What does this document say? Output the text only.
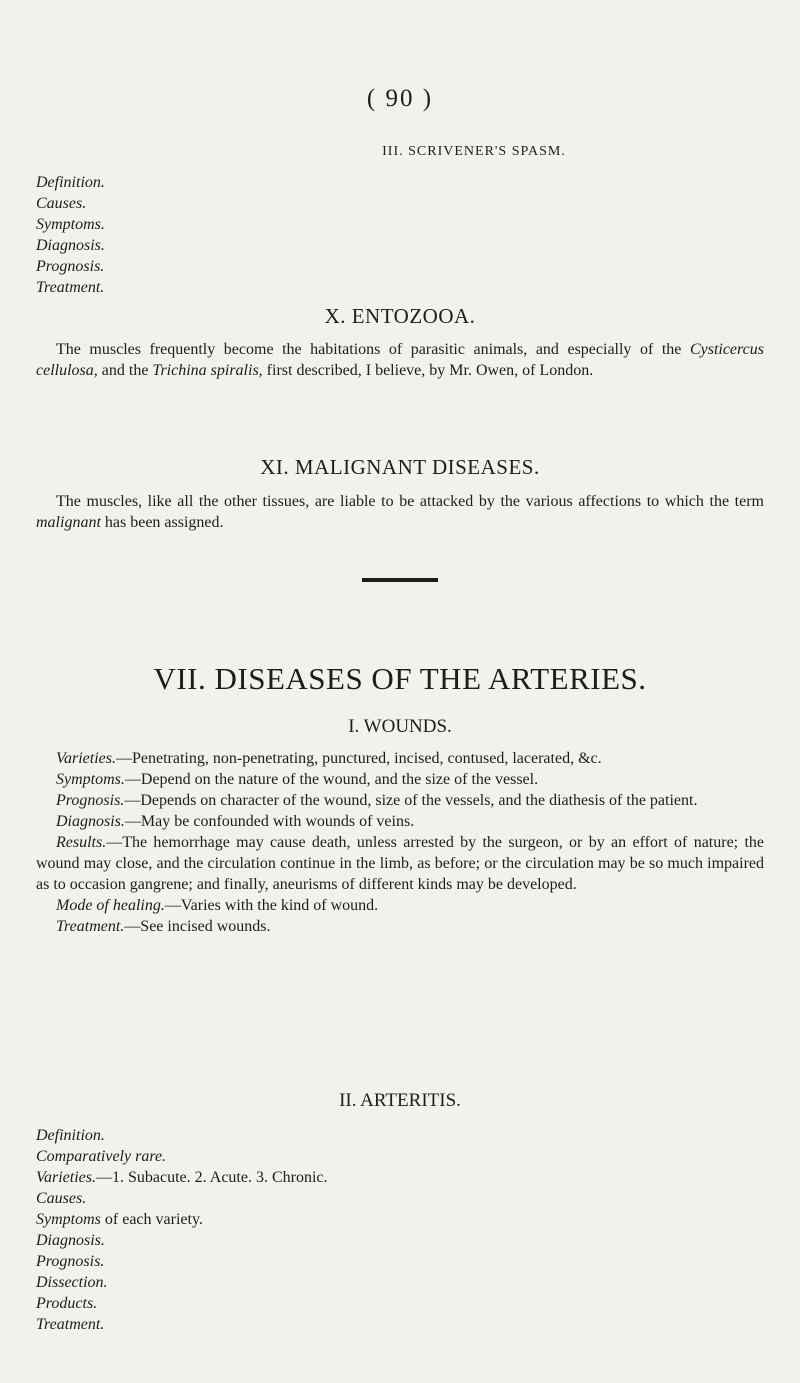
( 90 )
III. SCRIVENER'S SPASM.
Definition.
Causes.
Symptoms.
Diagnosis.
Prognosis.
Treatment.
X. ENTOZOOA.

The muscles frequently become the habitations of parasitic animals, and especially of the Cysticercus cellulosa, and the Trichina spiralis, first described, I believe, by Mr. Owen, of London.

XI. MALIGNANT DISEASES.

The muscles, like all the other tissues, are liable to be attacked by the various affections to which the term malignant has been assigned.

VII. DISEASES OF THE ARTERIES.
I. WOUNDS.

Varieties.—Penetrating, non-penetrating, punctured, incised, contused, lacerated, &c.

Symptoms.—Depend on the nature of the wound, and the size of the vessel.

Prognosis.—Depends on character of the wound, size of the vessels, and the diathesis of the patient.

Diagnosis.—May be confounded with wounds of veins.

Results.—The hemorrhage may cause death, unless arrested by the surgeon, or by an effort of nature; the wound may close, and the circulation continue in the limb, as before; or the circulation may be so much impaired as to occasion gangrene; and finally, aneurisms of different kinds may be developed.

Mode of healing.—Varies with the kind of wound.

Treatment.—See incised wounds.

II. ARTERITIS.
Definition.
Comparatively rare.
Varieties.—1. Subacute. 2. Acute. 3. Chronic.
Causes.
Symptoms of each variety.
Diagnosis.
Prognosis.
Dissection.
Products.
Treatment.
